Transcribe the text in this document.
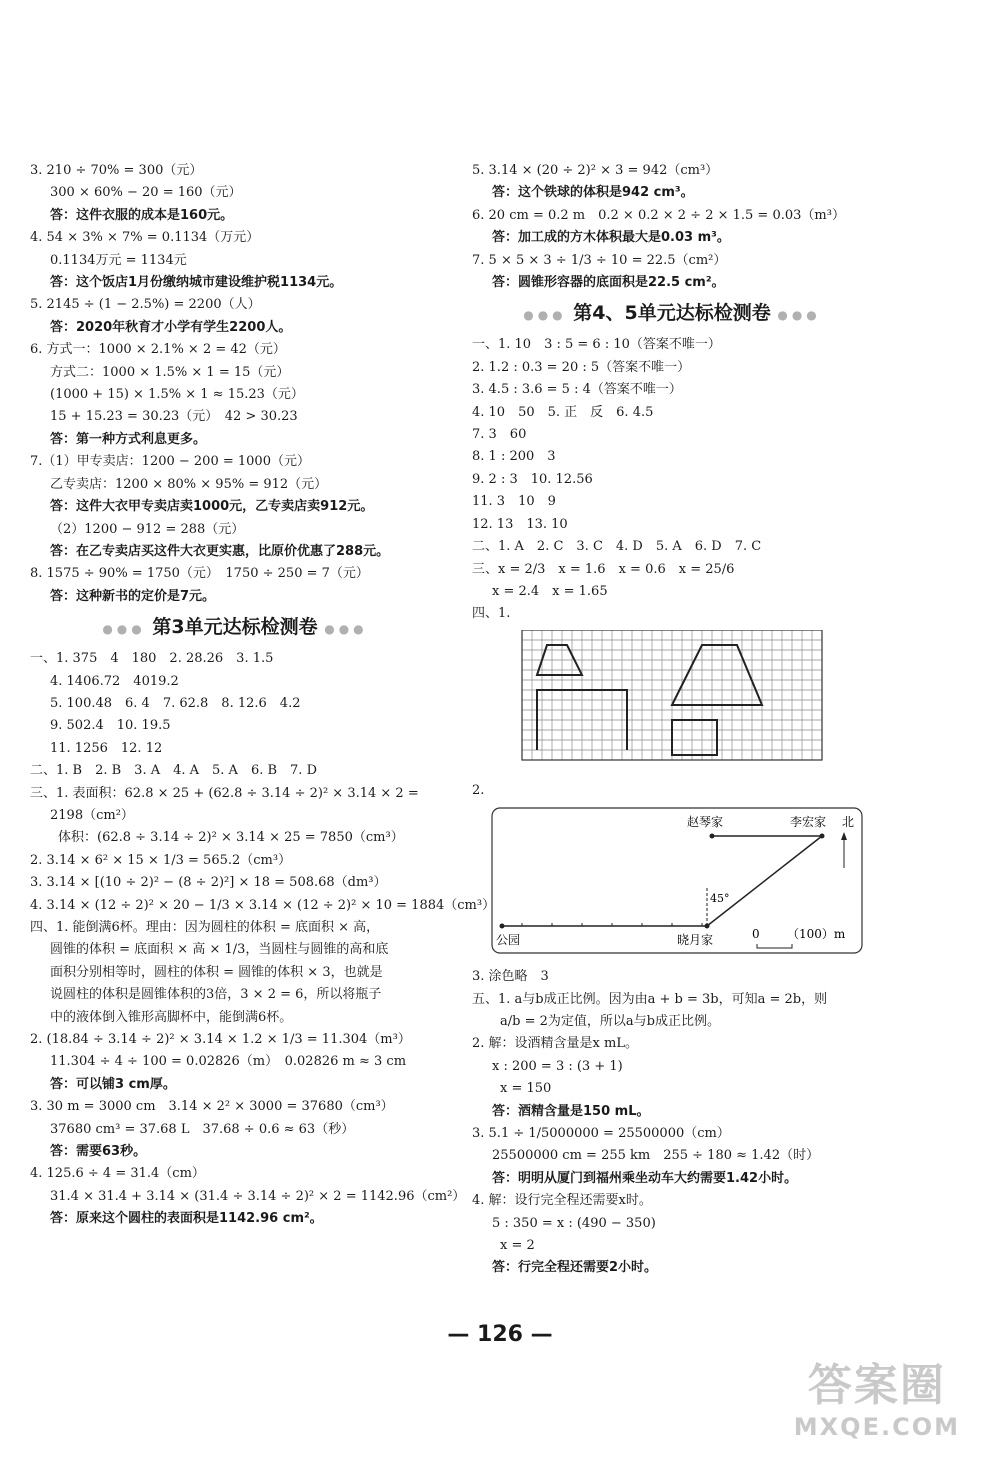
3. 210 ÷ 70% = 300（元）
300 × 60% − 20 = 160（元）
答：这件衣服的成本是160元。
4. 54 × 3% × 7% = 0.1134（万元）
0.1134万元 = 1134元
答：这个饭店1月份缴纳城市建设维护税1134元。
5. 2145 ÷ (1 − 2.5%) = 2200（人）
答：2020年秋育才小学有学生2200人。
6. 方式一：1000 × 2.1% × 2 = 42（元）
方式二：1000 × 1.5% × 1 = 15（元）
(1000 + 15) × 1.5% × 1 ≈ 15.23（元）
15 + 15.23 = 30.23（元）　42 > 30.23
答：第一种方式利息更多。
7.（1）甲专卖店：1200 − 200 = 1000（元）
乙专卖店：1200 × 80% × 95% = 912（元）
答：这件大衣甲专卖店卖1000元，乙专卖店卖912元。
（2）1200 − 912 = 288（元）
答：在乙专卖店买这件大衣更实惠，比原价优惠了288元。
8. 1575 ÷ 90% = 1750（元）　1750 ÷ 250 = 7（元）
答：这种新书的定价是7元。
●●● 第3单元达标检测卷 ●●●
一、1. 375　4　180　2. 28.26　3. 1.5
4. 1406.72　4019.2
5. 100.48　6. 4　7. 62.8　8. 12.6　4.2
9. 502.4　10. 19.5
11. 1256　12. 12
二、1. B　2. B　3. A　4. A　5. A　6. B　7. D
三、1. 表面积：62.8 × 25 + (62.8 ÷ 3.14 ÷ 2)² × 3.14 × 2 =
2198（cm²）
体积：(62.8 ÷ 3.14 ÷ 2)² × 3.14 × 25 = 7850（cm³）
2. 3.14 × 6² × 15 × 1/3 = 565.2（cm³）
3. 3.14 × [(10 ÷ 2)² − (8 ÷ 2)²] × 18 = 508.68（dm³）
4. 3.14 × (12 ÷ 2)² × 20 − 1/3 × 3.14 × (12 ÷ 2)² × 10 = 1884（cm³）
四、1. 能倒满6杯。理由：因为圆柱的体积 = 底面积 × 高，
圆锥的体积 = 底面积 × 高 × 1/3，当圆柱与圆锥的高和底
面积分别相等时，圆柱的体积 = 圆锥的体积 × 3，也就是
说圆柱的体积是圆锥体积的3倍，3 × 2 = 6，所以将瓶子
中的液体倒入锥形高脚杯中，能倒满6杯。
2. (18.84 ÷ 3.14 ÷ 2)² × 3.14 × 1.2 × 1/3 = 11.304（m³）
11.304 ÷ 4 ÷ 100 = 0.02826（m）　0.02826 m ≈ 3 cm
答：可以铺3 cm厚。
3. 30 m = 3000 cm　3.14 × 2² × 3000 = 37680（cm³）
37680 cm³ = 37.68 L　37.68 ÷ 0.6 ≈ 63（秒）
答：需要63秒。
4. 125.6 ÷ 4 = 31.4（cm）
31.4 × 31.4 + 3.14 × (31.4 ÷ 3.14 ÷ 2)² × 2 = 1142.96（cm²）
答：原来这个圆柱的表面积是1142.96 cm²。
5. 3.14 × (20 ÷ 2)² × 3 = 942（cm³）
答：这个铁球的体积是942 cm³。
6. 20 cm = 0.2 m　0.2 × 0.2 × 2 ÷ 2 × 1.5 = 0.03（m³）
答：加工成的方木体积最大是0.03 m³。
7. 5 × 5 × 3 ÷ 1/3 ÷ 10 = 22.5（cm²）
答：圆锥形容器的底面积是22.5 cm²。
●●● 第4、5单元达标检测卷 ●●●
一、1. 10　3 : 5 = 6 : 10（答案不唯一）
2. 1.2 : 0.3 = 20 : 5（答案不唯一）
3. 4.5 : 3.6 = 5 : 4（答案不唯一）
4. 10　50　5. 正　反　6. 4.5
7. 3　60
8. 1 : 200　3
9. 2 : 3　10. 12.56
11. 3　10　9
12. 13　13. 10
二、1. A　2. C　3. C　4. D　5. A　6. D　7. C
三、x = 2/3　x = 1.6　x = 0.6　x = 25/6
x = 2.4　x = 1.65
四、1.
2.
赵琴家	李宏家 北
45°
公园	晓月家	0 （100）m
3. 涂色略　3
五、1. a与b成正比例。因为由a + b = 3b，可知a = 2b，则
a/b = 2为定值，所以a与b成正比例。
2. 解：设酒精含量是x mL。
x : 200 = 3 : (3 + 1)
x = 150
答：酒精含量是150 mL。
3. 5.1 ÷ 1/5000000 = 25500000（cm）
25500000 cm = 255 km　255 ÷ 180 ≈ 1.42（时）
答：明明从厦门到福州乘坐动车大约需要1.42小时。
4. 解：设行完全程还需要x时。
5 : 350 = x : (490 − 350)
x = 2
答：行完全程还需要2小时。
— 126 —
答案圈
MXQE.COM
